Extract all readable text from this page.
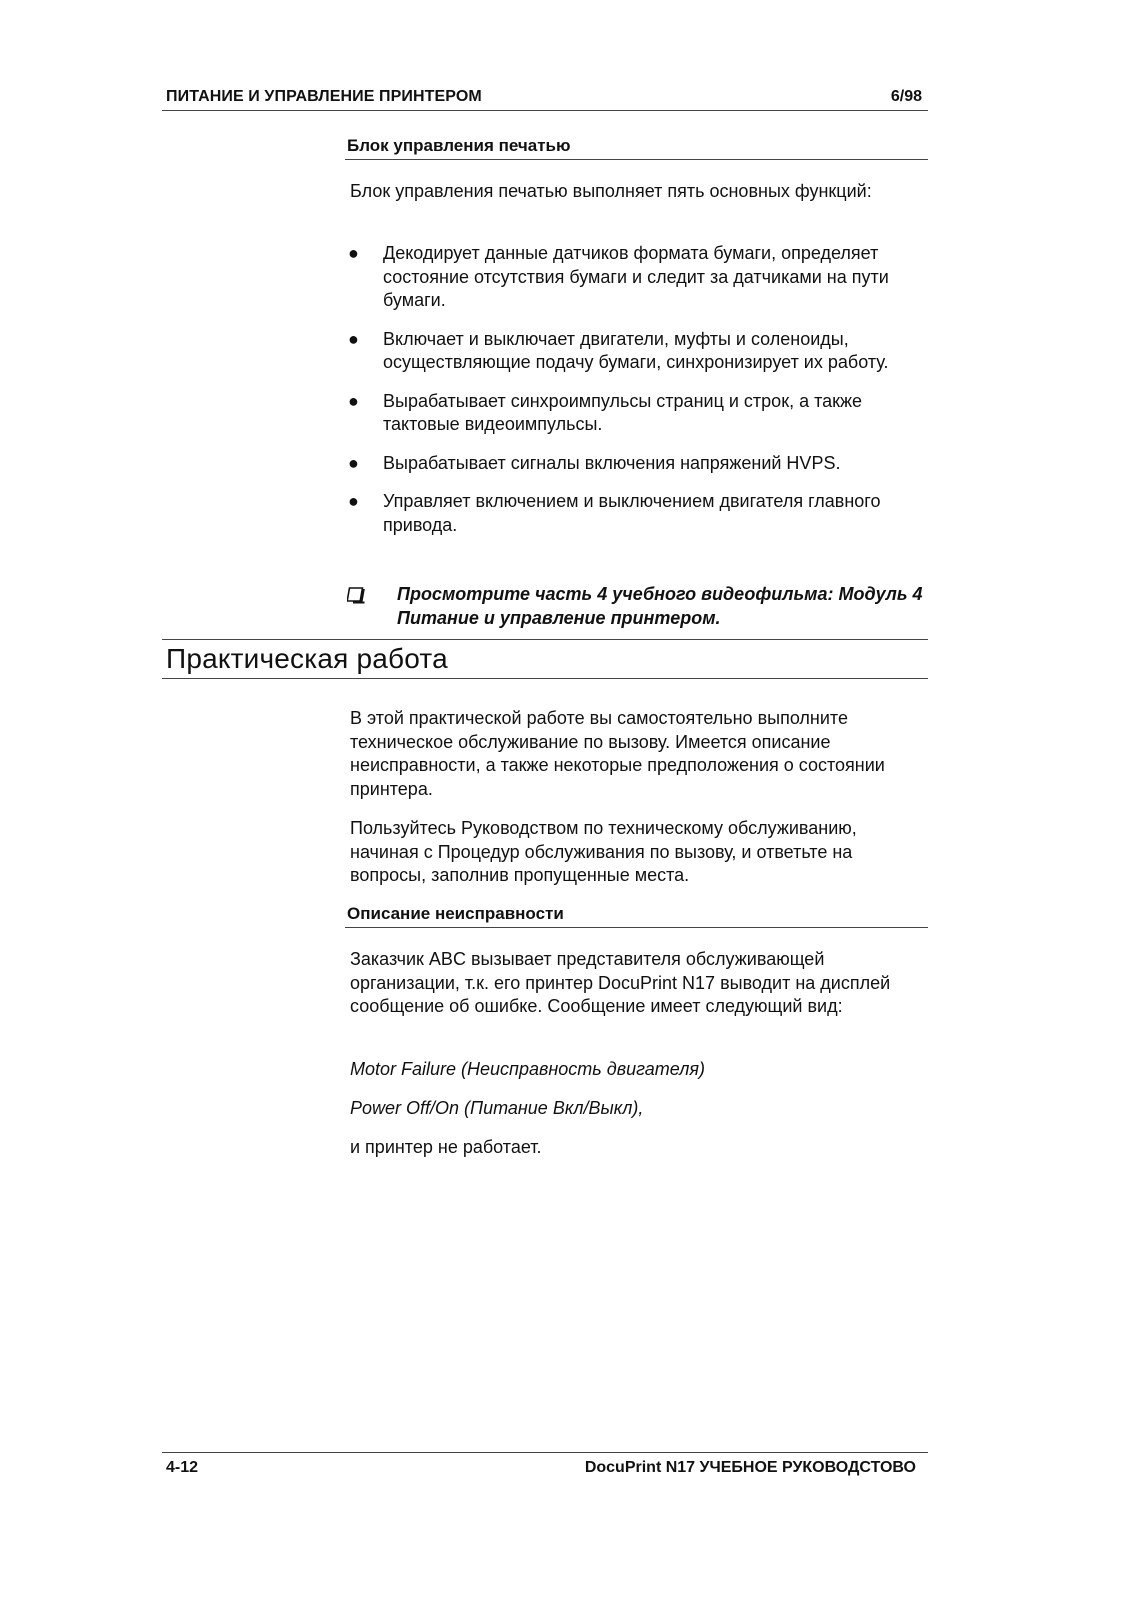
ПИТАНИЕ И УПРАВЛЕНИЕ ПРИНТЕРОМ	6/98
Блок управления печатью

Блок управления печатью выполняет пять основных функций:

● Декодирует данные датчиков формата бумаги, определяет состояние отсутствия бумаги и следит за датчиками на пути бумаги.
● Включает и выключает двигатели, муфты и соленоиды, осуществляющие подачу бумаги, синхронизирует их работу.
● Вырабатывает синхроимпульсы страниц и строк, а также тактовые видеоимпульсы.
● Вырабатывает сигналы включения напряжений HVPS.
● Управляет включением и выключением двигателя главного привода.

Просмотрите часть 4 учебного видеофильма: Модуль 4 Питание и управление принтером.

Практическая работа

В этой практической работе вы самостоятельно выполните техническое обслуживание по вызову. Имеется описание неисправности, а также некоторые предположения о состоянии принтера.

Пользуйтесь Руководством по техническому обслуживанию, начиная с Процедур обслуживания по вызову, и ответьте на вопросы, заполнив пропущенные места.

Описание неисправности

Заказчик ABC вызывает представителя обслуживающей организации, т.к. его принтер DocuPrint N17 выводит на дисплей сообщение об ошибке. Сообщение имеет следующий вид:

Motor Failure (Неисправность двигателя)

Power Off/On (Питание Вкл/Выкл),

и принтер не работает.

4-12	DocuPrint N17 УЧЕБНОЕ РУКОВОДСТОВО
